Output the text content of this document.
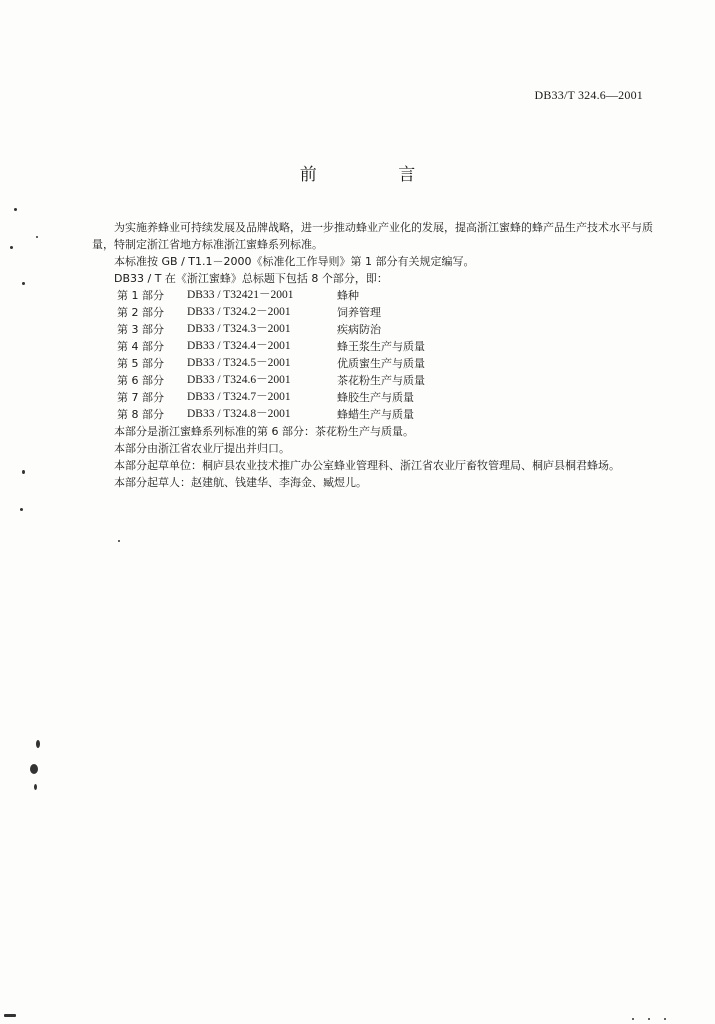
DB33/T 324.6—2001
前 言

为实施养蜂业可持续发展及品牌战略，进一步推动蜂业产业化的发展，提高浙江蜜蜂的蜂产品生产技术水平与质量，特制定浙江省地方标准浙江蜜蜂系列标准。

本标准按 GB / T1.1－2000《标准化工作导则》第 1 部分有关规定编写。

DB33 / T 在《浙江蜜蜂》总标题下包括 8 个部分，即：

第 1 部分	DB33 / T32421－2001	蜂种
第 2 部分	DB33 / T324.2－2001	饲养管理
第 3 部分	DB33 / T324.3－2001	疾病防治
第 4 部分	DB33 / T324.4－2001	蜂王浆生产与质量
第 5 部分	DB33 / T324.5－2001	优质蜜生产与质量
第 6 部分	DB33 / T324.6－2001	茶花粉生产与质量
第 7 部分	DB33 / T324.7－2001	蜂胶生产与质量
第 8 部分	DB33 / T324.8－2001	蜂蜡生产与质量

本部分是浙江蜜蜂系列标准的第 6 部分：茶花粉生产与质量。

本部分由浙江省农业厅提出并归口。

本部分起草单位：桐庐县农业技术推广办公室蜂业管理科、浙江省农业厅畜牧管理局、桐庐县桐君蜂场。

本部分起草人：赵建航、钱建华、李海金、臧煜儿。
